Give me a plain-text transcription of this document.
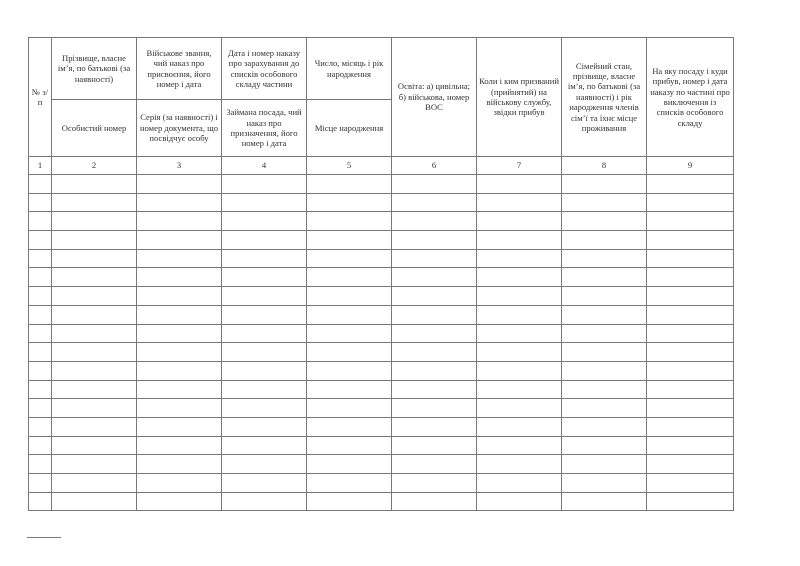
№ з/п	Прізвище, власне ім’я, по батькові (за наявності)	Військове звання, чий наказ про присвоєння, його номер і дата	Дата і номер наказу про зарахування до списків особового складу частини	Число, місяць і рік народження	Освіта: а) цивільна; б) військова, номер ВОС	Коли і ким призваний (прийнятий) на військову службу, звідки прибув	Сімейний стан, прізвище, власне ім’я, по батькові (за наявності) і рік народження членів сім’ї та їхнє місце проживання	На яку посаду і куди прибув, номер і дата наказу по частині про виключення із списків особового складу
	Особистий номер	Серія (за наявності) і номер документа, що посвідчує особу	Займана посада, чий наказ про призначення, його номер і дата	Місце народження				
1	2	3	4	5	6	7	8	9
